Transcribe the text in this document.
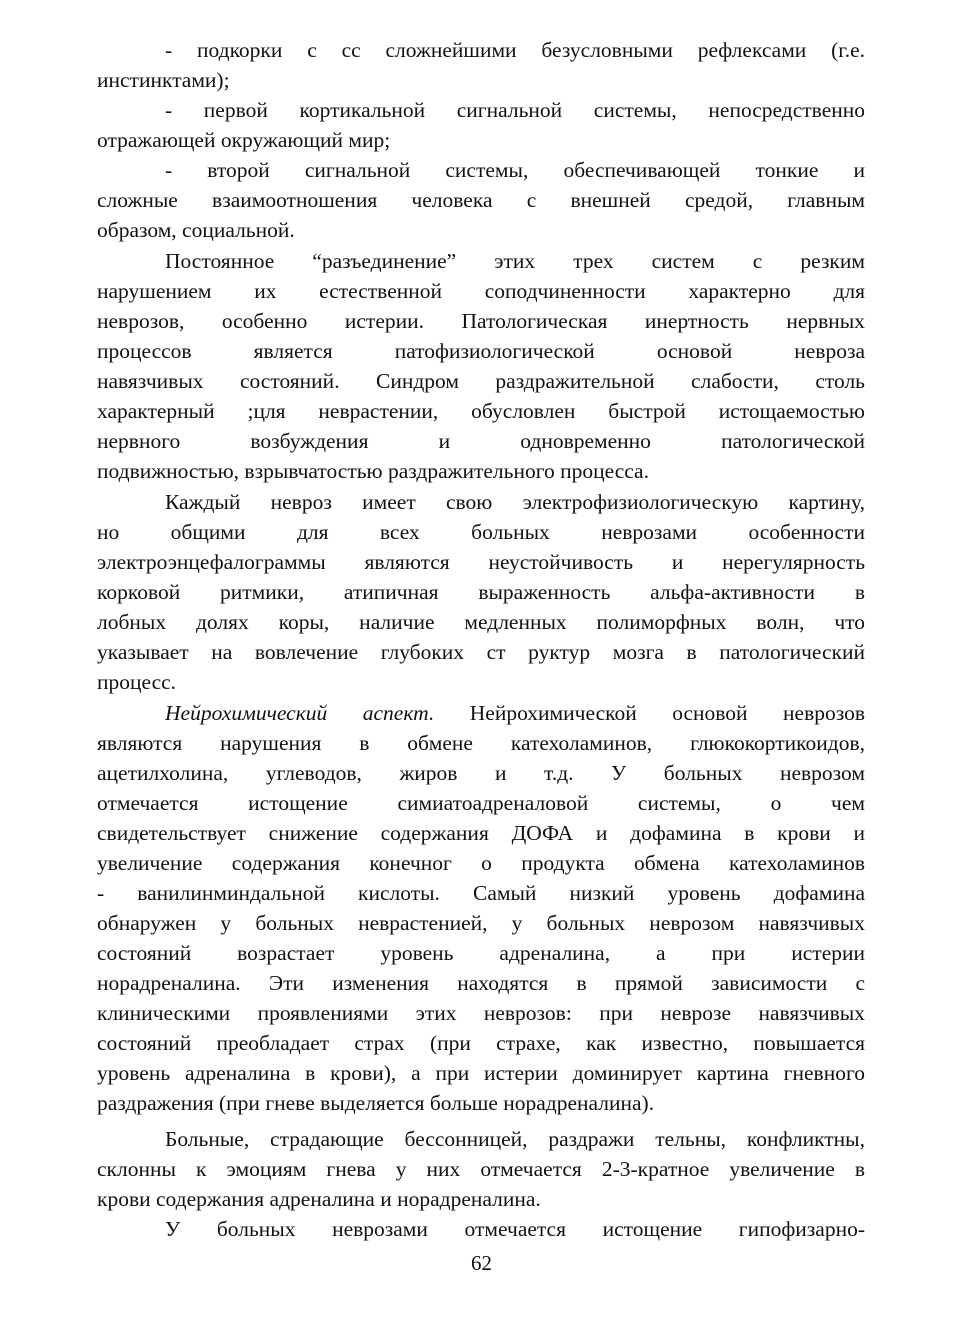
- подкорки с сс сложнейшими безусловными рефлексами (г.е.
инстинктами);
- первой кортикальной сигнальной системы, непосредственно
отражающей окружающий мир;
- второй сигнальной системы, обеспечивающей тонкие и
сложные взаимоотношения человека с внешней средой, главным
образом, социальной.
Постоянное “разъединение” этих трех систем с резким
нарушением их естественной соподчиненности характерно для
неврозов, особенно истерии. Патологическая инертность нервных
процессов является патофизиологической основой невроза
навязчивых состояний. Синдром раздражительной слабости, столь
характерный ;цля неврастении, обусловлен быстрой истощаемостью
нервного возбуждения и одновременно патологической
подвижностью, взрывчатостью раздражительного процесса.
Каждый невроз имеет свою электрофизиологическую картину,
но общими для всех больных неврозами особенности
электроэнцефалограммы являются неустойчивость и нерегулярность
корковой ритмики, атипичная выраженность альфа-активности в
лобных долях коры, наличие медленных полиморфных волн, что
указывает на вовлечение глубоких ст руктур мозга в патологический
процесс.
Нейрохимический аспект. Нейрохимической основой неврозов
являются нарушения в обмене катехоламинов, глюкокортикоидов,
ацетилхолина, углеводов, жиров и т.д. У больных неврозом
отмечается истощение симиатоадреналовой системы, о чем
свидетельствует снижение содержания ДОФА и дофамина в крови и
увеличение содержания конечног о продукта обмена катехоламинов
- ванилинминдальной кислоты. Самый низкий уровень дофамина
обнаружен у больных неврастенией, у больных неврозом навязчивых
состояний возрастает уровень адреналина, а при истерии
норадреналина. Эти изменения находятся в прямой зависимости с
клиническими проявлениями этих неврозов: при неврозе навязчивых
состояний преобладает страх (при страхе, как известно, повышается
уровень адреналина в крови), а при истерии доминирует картина гневного
раздражения (при гневе выделяется больше норадреналина).
Больные, страдающие бессонницей, раздражи тельны, конфликтны,
склонны к эмоциям гнева у них отмечается 2-3-кратное увеличение в
крови содержания адреналина и норадреналина.
У больных неврозами отмечается истощение гипофизарно-
62
